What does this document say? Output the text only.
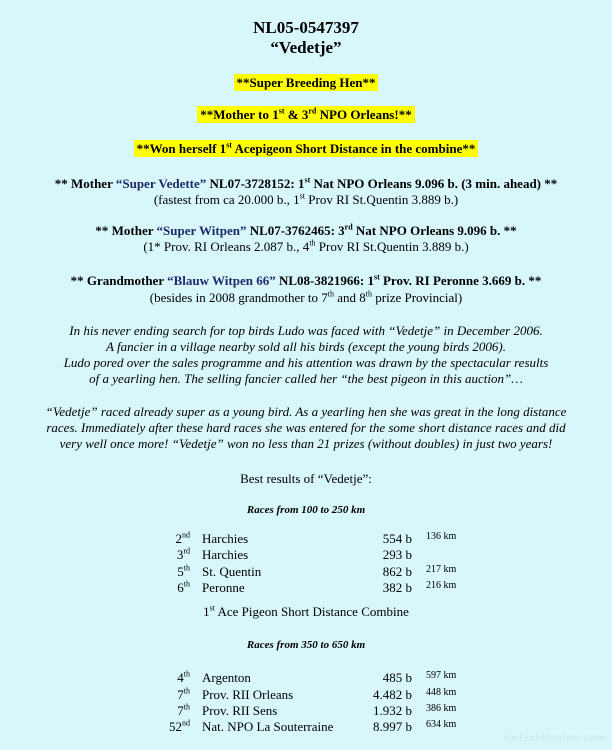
NL05-0547397
“Vedetje”
**Super Breeding Hen**
**Mother to 1st & 3rd NPO Orleans!**
**Won herself 1st Acepigeon Short Distance in the combine**
** Mother “Super Vedette” NL07-3728152: 1st Nat NPO Orleans 9.096 b. (3 min. ahead) **
(fastest from ca 20.000 b., 1st Prov RI St.Quentin 3.889 b.)
** Mother “Super Witpen” NL07-3762465: 3rd Nat NPO Orleans 9.096 b. **
(1* Prov. RI Orleans 2.087 b., 4th Prov RI St.Quentin 3.889 b.)
** Grandmother “Blauw Witpen 66” NL08-3821966: 1st Prov. RI Peronne 3.669 b. **
(besides in 2008 grandmother to 7th and 8th prize Provincial)
In his never ending search for top birds Ludo was faced with “Vedetje” in December 2006.
A fancier in a village nearby sold all his birds (except the young birds 2006).
Ludo pored over the sales programme and his attention was drawn by the spectacular results
of a yearling hen. The selling fancier called her “the best pigeon in this auction”…
“Vedetje” raced already super as a young bird. As a yearling hen she was great in the long distance
races. Immediately after these hard races she was entered for the some short distance races and did
very well once more! “Vedetje” won no less than 21 prizes (without doubles) in just two years!
Best results of “Vedetje”:
Races from 100 to 250 km
2nd Harchies	554 b 136 km
3rd Harchies	293 b
5th St. Quentin	862 b 217 km
6th Peronne	382 b 216 km
1st Ace Pigeon Short Distance Combine
Races from 350 to 650 km
4th Argenton	485 b 597 km
7th Prov. RII Orleans	4.482 b 448 km
7th Prov. RII Sens	1.932 b 386 km
52nd Nat. NPO La Souterraine	8.997 b 634 km
kwtzajelunion.com
